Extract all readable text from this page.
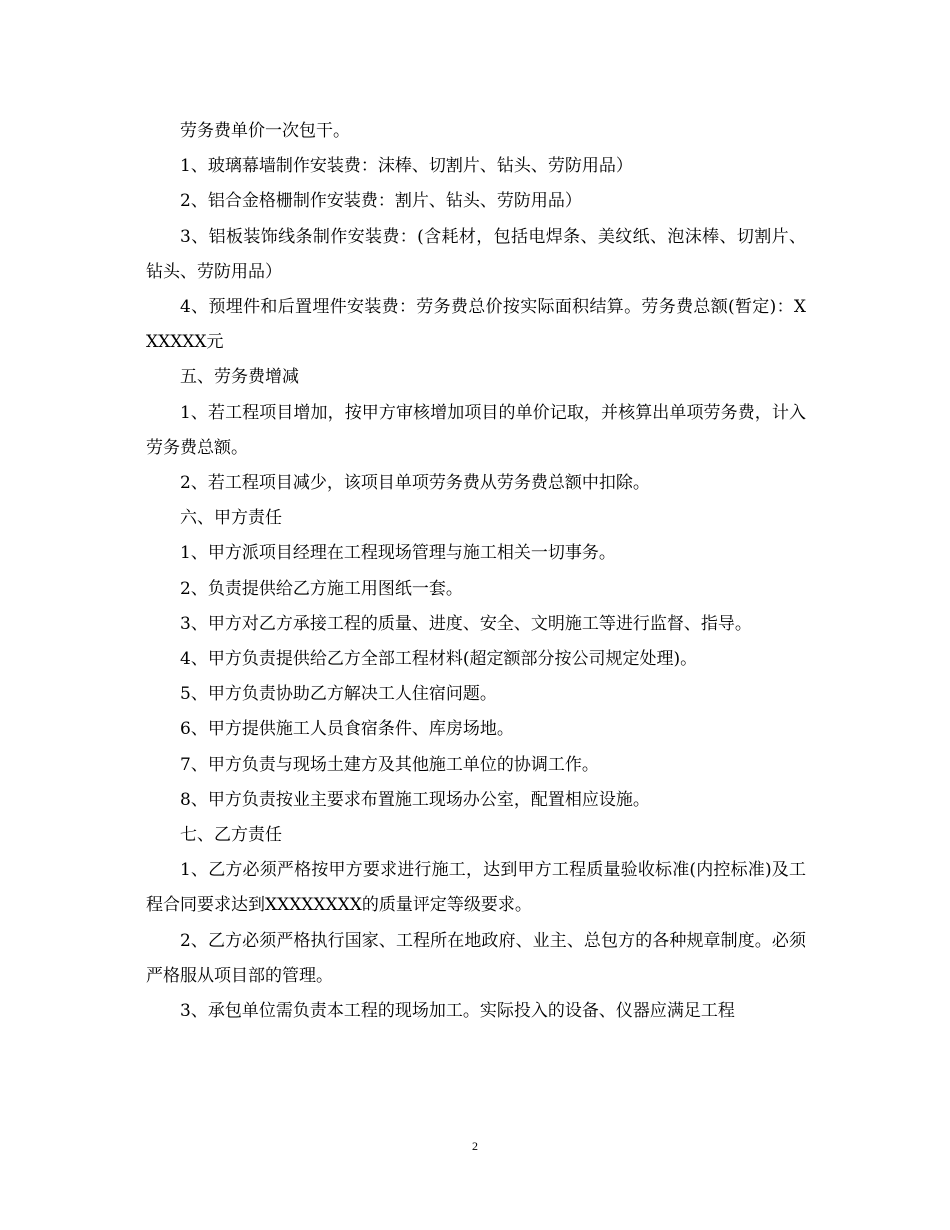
劳务费单价一次包干。

1、玻璃幕墙制作安装费：沫棒、切割片、钻头、劳防用品）

2、铝合金格栅制作安装费：割片、钻头、劳防用品）

3、铝板装饰线条制作安装费：(含耗材，包括电焊条、美纹纸、泡沫棒、切割片、钻头、劳防用品）

4、预埋件和后置埋件安装费：劳务费总价按实际面积结算。劳务费总额(暂定)：XXXXXX元

五、劳务费增减

1、若工程项目增加，按甲方审核增加项目的单价记取，并核算出单项劳务费，计入劳务费总额。

2、若工程项目减少，该项目单项劳务费从劳务费总额中扣除。

六、甲方责任

1、甲方派项目经理在工程现场管理与施工相关一切事务。

2、负责提供给乙方施工用图纸一套。

3、甲方对乙方承接工程的质量、进度、安全、文明施工等进行监督、指导。

4、甲方负责提供给乙方全部工程材料(超定额部分按公司规定处理)。

5、甲方负责协助乙方解决工人住宿问题。

6、甲方提供施工人员食宿条件、库房场地。

7、甲方负责与现场土建方及其他施工单位的协调工作。

8、甲方负责按业主要求布置施工现场办公室，配置相应设施。

七、乙方责任

1、乙方必须严格按甲方要求进行施工，达到甲方工程质量验收标准(内控标准)及工程合同要求达到XXXXXXXX的质量评定等级要求。

2、乙方必须严格执行国家、工程所在地政府、业主、总包方的各种规章制度。必须严格服从项目部的管理。

3、承包单位需负责本工程的现场加工。实际投入的设备、仪器应满足工程

2
